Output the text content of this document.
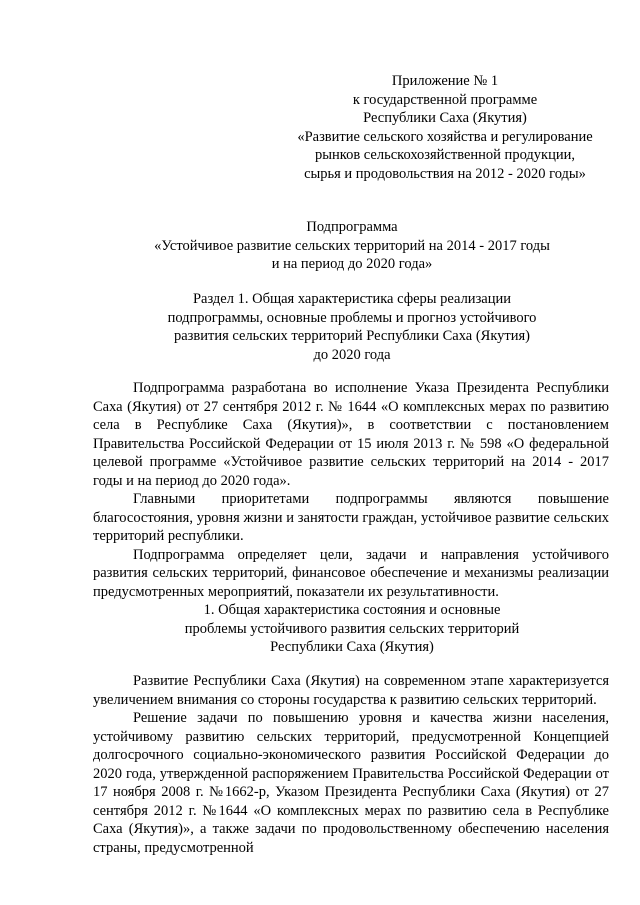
Приложение № 1
к государственной программе
Республики Саха (Якутия)
«Развитие сельского хозяйства и регулирование
рынков сельскохозяйственной продукции,
сырья и продовольствия на 2012 - 2020 годы»
Подпрограмма
«Устойчивое развитие сельских территорий на 2014 - 2017 годы
и на период до 2020 года»
Раздел 1. Общая характеристика сферы реализации
подпрограммы, основные проблемы и прогноз устойчивого
развития сельских территорий Республики Саха (Якутия)
до 2020 года

Подпрограмма разработана во исполнение Указа Президента Республики Саха (Якутия) от 27 сентября 2012 г. № 1644 «О комплексных мерах по развитию села в Республике Саха (Якутия)», в соответствии с постановлением Правительства Российской Федерации от 15 июля 2013 г. № 598 «О федеральной целевой программе «Устойчивое развитие сельских территорий на 2014 - 2017 годы и на период до 2020 года».

Главными приоритетами подпрограммы являются повышение благосостояния, уровня жизни и занятости граждан, устойчивое развитие сельских территорий республики.

Подпрограмма определяет цели, задачи и направления устойчивого развития сельских территорий, финансовое обеспечение и механизмы реализации предусмотренных мероприятий, показатели их результативности.

1. Общая характеристика состояния и основные
проблемы устойчивого развития сельских территорий
Республики Саха (Якутия)

Развитие Республики Саха (Якутия) на современном этапе характеризуется увеличением внимания со стороны государства к развитию сельских территорий.

Решение задачи по повышению уровня и качества жизни населения, устойчивому развитию сельских территорий, предусмотренной Концепцией долгосрочного социально-экономического развития Российской Федерации до 2020 года, утвержденной распоряжением Правительства Российской Федерации от 17 ноября 2008 г. №1662-р, Указом Президента Республики Саха (Якутия) от 27 сентября 2012 г. №1644 «О комплексных мерах по развитию села в Республике Саха (Якутия)», а также задачи по продовольственному обеспечению населения страны, предусмотренной
